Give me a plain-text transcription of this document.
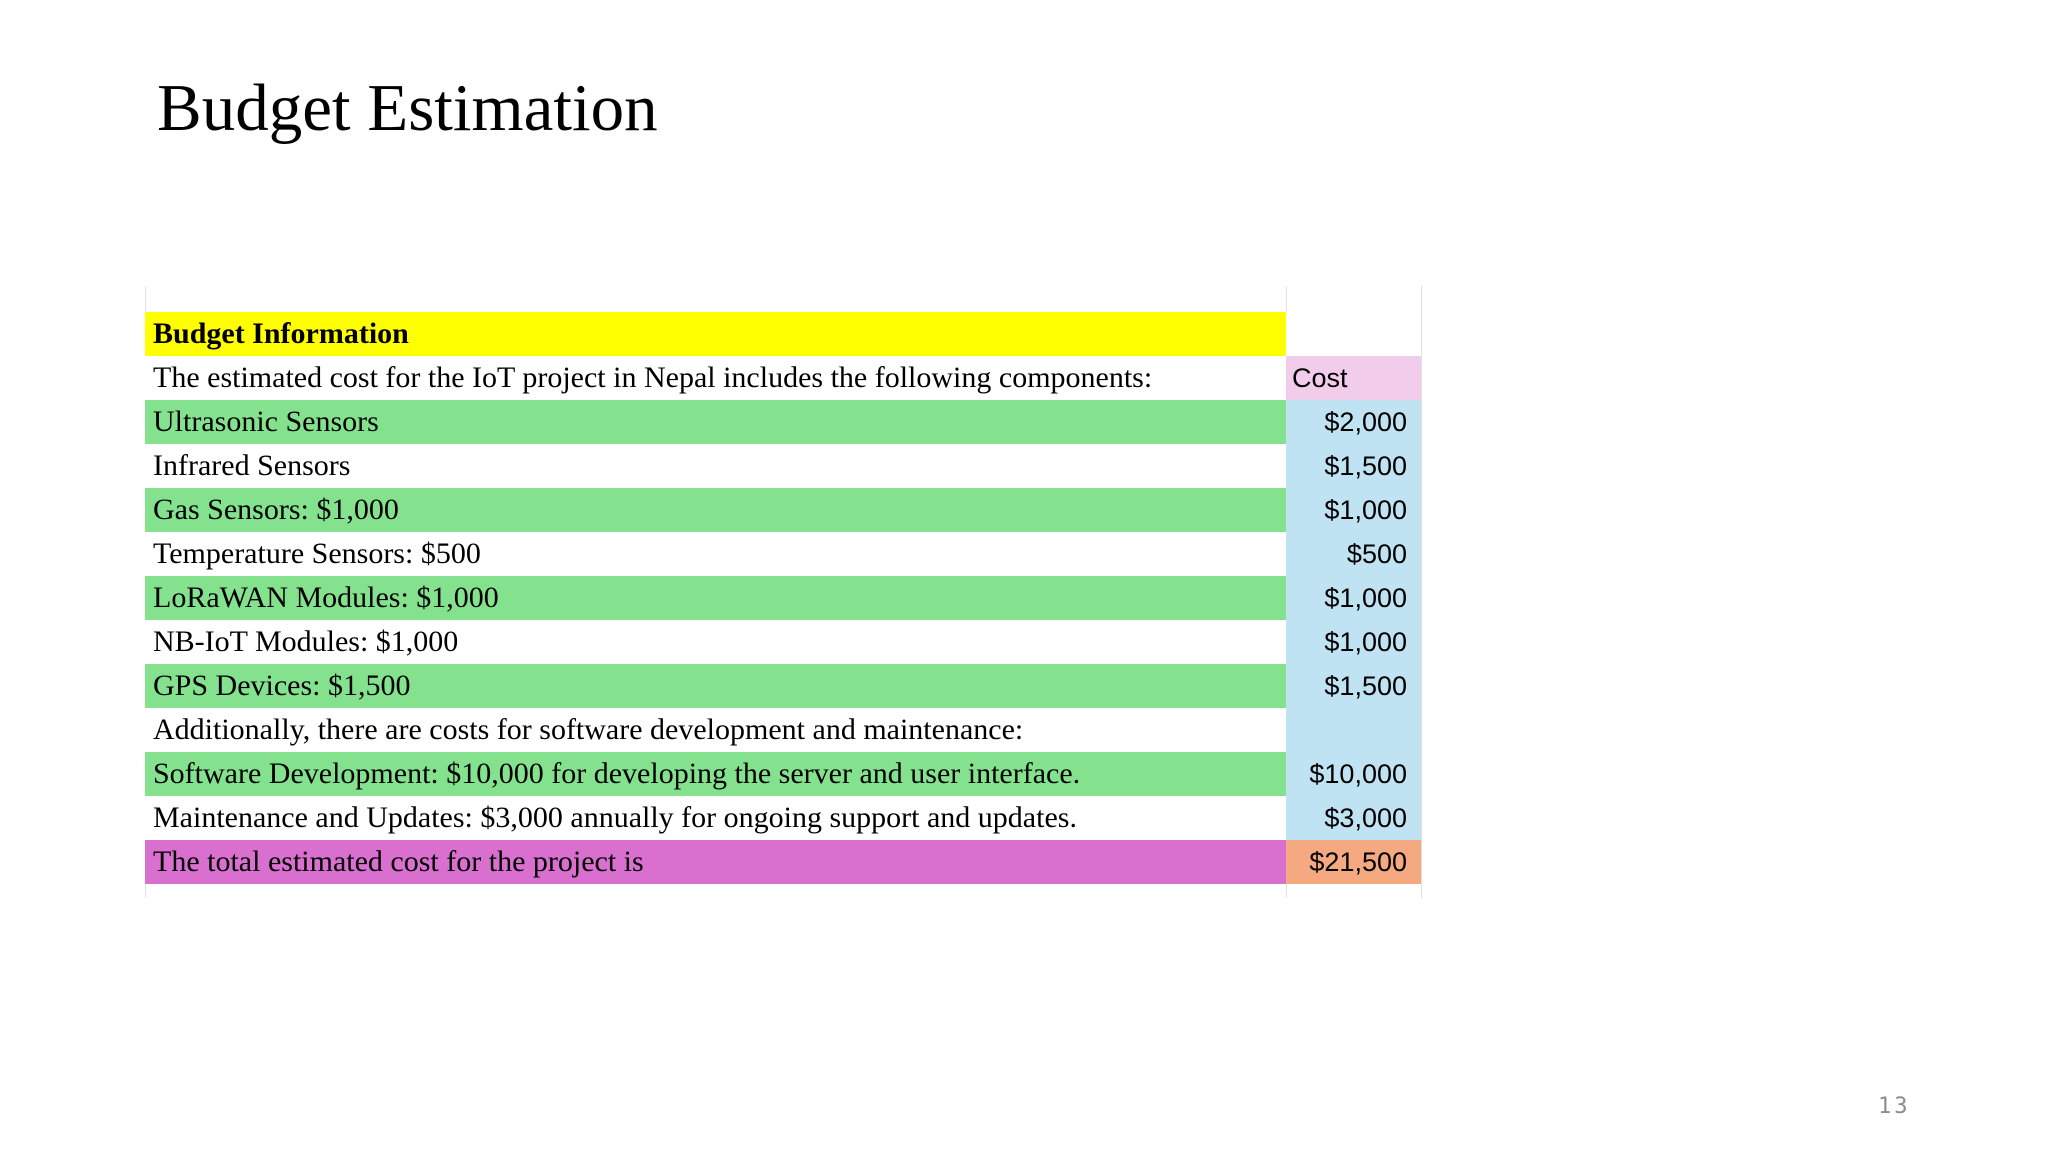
Budget Estimation
Budget Information
The estimated cost for the IoT project in Nepal includes the following components:	Cost
Ultrasonic Sensors	$2,000
Infrared Sensors	$1,500
Gas Sensors: $1,000	$1,000
Temperature Sensors: $500	$500
LoRaWAN Modules: $1,000	$1,000
NB-IoT Modules: $1,000	$1,000
GPS Devices: $1,500	$1,500
Additionally, there are costs for software development and maintenance:
Software Development: $10,000 for developing the server and user interface.	$10,000
Maintenance and Updates: $3,000 annually for ongoing support and updates.	$3,000
The total estimated cost for the project is	$21,500
13
